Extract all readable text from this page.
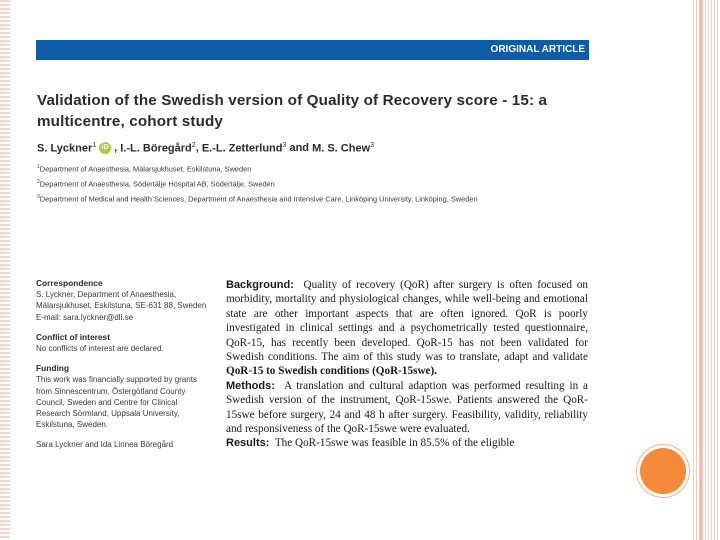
ORIGINAL ARTICLE
Validation of the Swedish version of Quality of Recovery score - 15: a multicentre, cohort study
S. Lyckner$^1$ iD , I.-L. Böregård$^2$ , E.-L. Zetterlund$^3$ and M. S. Chew$^3$
$^1$Department of Anaesthesia, Mälarsjukhuset, Eskilstuna, Sweden
$^2$Department of Anaesthesia, Södertälje Hospital AB, Södertälje, Sweden
$^3$Department of Medical and Health Sciences, Department of Anaesthesia and Intensive Care, Linköping University, Linköping, Sweden
Correspondence
S. Lyckner, Department of Anaesthesia,
Mälarsjukhuset, Eskilstuna, SE-631 88, Sweden
E-mail: sara.lyckner@dll.se
Conflict of interest
No conflicts of interest are declared.
Funding
This work was financially supported by grants
from Sinnescentrum, Östergötland County
Council, Sweden and Centre for Clinical
Research Sörmland, Uppsala University,
Eskilstuna, Sweden.
Sara Lyckner and Ida Linnea Böregård

Background: Quality of recovery (QoR) after surgery is often focused on morbidity, mortality and physiological changes, while well-being and emotional state are other important aspects that are often ignored. QoR is poorly investigated in clinical settings and a psychometrically tested questionnaire, QoR-15, has recently been developed. QoR-15 has not been validated for Swedish conditions. The aim of this study was to translate, adapt and validate QoR-15 to Swedish conditions (QoR-15swe).

Methods: A translation and cultural adaption was performed resulting in a Swedish version of the instrument, QoR-15swe. Patients answered the QoR-15swe before surgery, 24 and 48 h after surgery. Feasibility, validity, reliability and responsiveness of the QoR-15swe were evaluated.

Results: The QoR-15swe was feasible in 85.5% of the eligible
